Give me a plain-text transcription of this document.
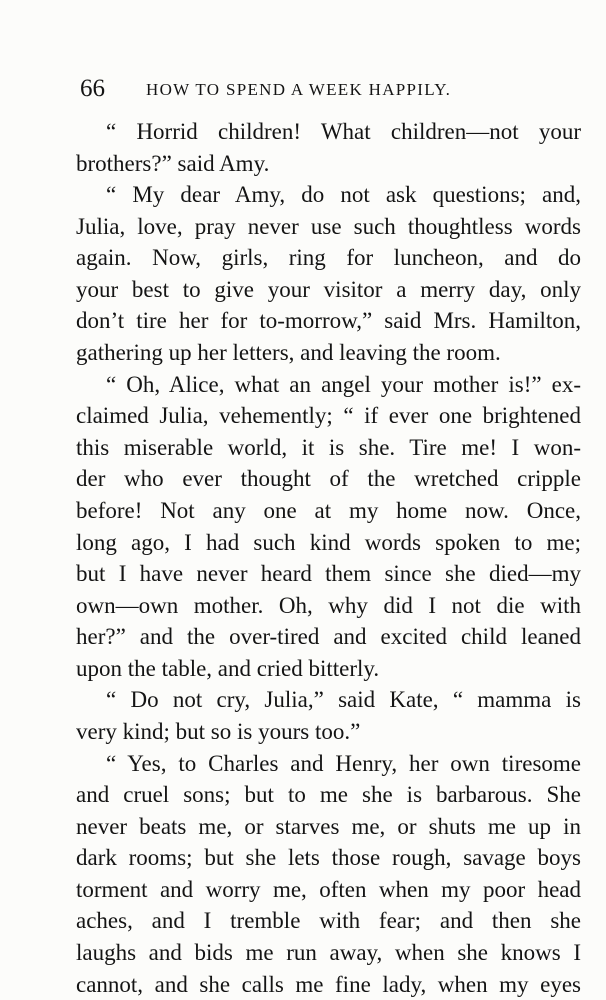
66 HOW TO SPEND A WEEK HAPPILY.
“ Horrid children! What children—not your
brothers?” said Amy.
“ My dear Amy, do not ask questions; and,
Julia, love, pray never use such thoughtless words
again. Now, girls, ring for luncheon, and do
your best to give your visitor a merry day, only
don’t tire her for to-morrow,” said Mrs. Hamilton,
gathering up her letters, and leaving the room.
“ Oh, Alice, what an angel your mother is!” ex-
claimed Julia, vehemently; “ if ever one brightened
this miserable world, it is she. Tire me! I won-
der who ever thought of the wretched cripple
before! Not any one at my home now. Once,
long ago, I had such kind words spoken to me;
but I have never heard them since she died—my
own—own mother. Oh, why did I not die with
her?” and the over-tired and excited child leaned
upon the table, and cried bitterly.
“ Do not cry, Julia,” said Kate, “ mamma is
very kind; but so is yours too.”
“ Yes, to Charles and Henry, her own tiresome
and cruel sons; but to me she is barbarous. She
never beats me, or starves me, or shuts me up in
dark rooms; but she lets those rough, savage boys
torment and worry me, often when my poor head
aches, and I tremble with fear; and then she
laughs and bids me run away, when she knows I
cannot, and she calls me fine lady, when my eyes
